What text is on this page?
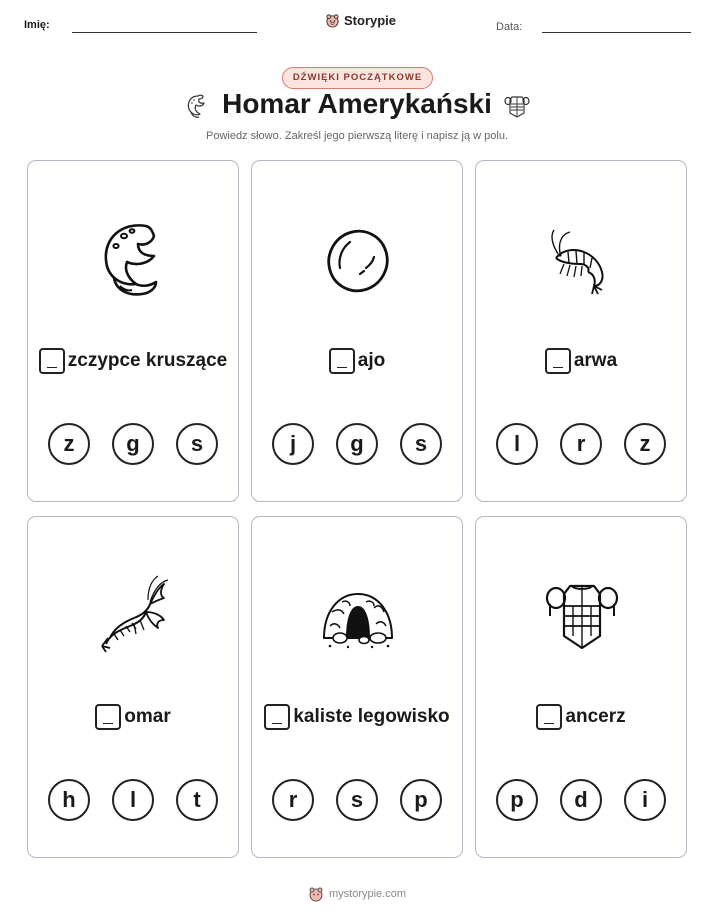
Imię:	Storypie	Data:
DŹWIĘKI POCZĄTKOWE
Homar Amerykański
Powiedz słowo. Zakreśl jego pierwszą literę i napisz ją w polu.
zczypce kruszące
z	g	s
ajo
j	g	s
arwa
l	r	z
omar
h	l	t
kaliste legowisko
r	s	p
ancerz
p	d	i
mystorypie.com
